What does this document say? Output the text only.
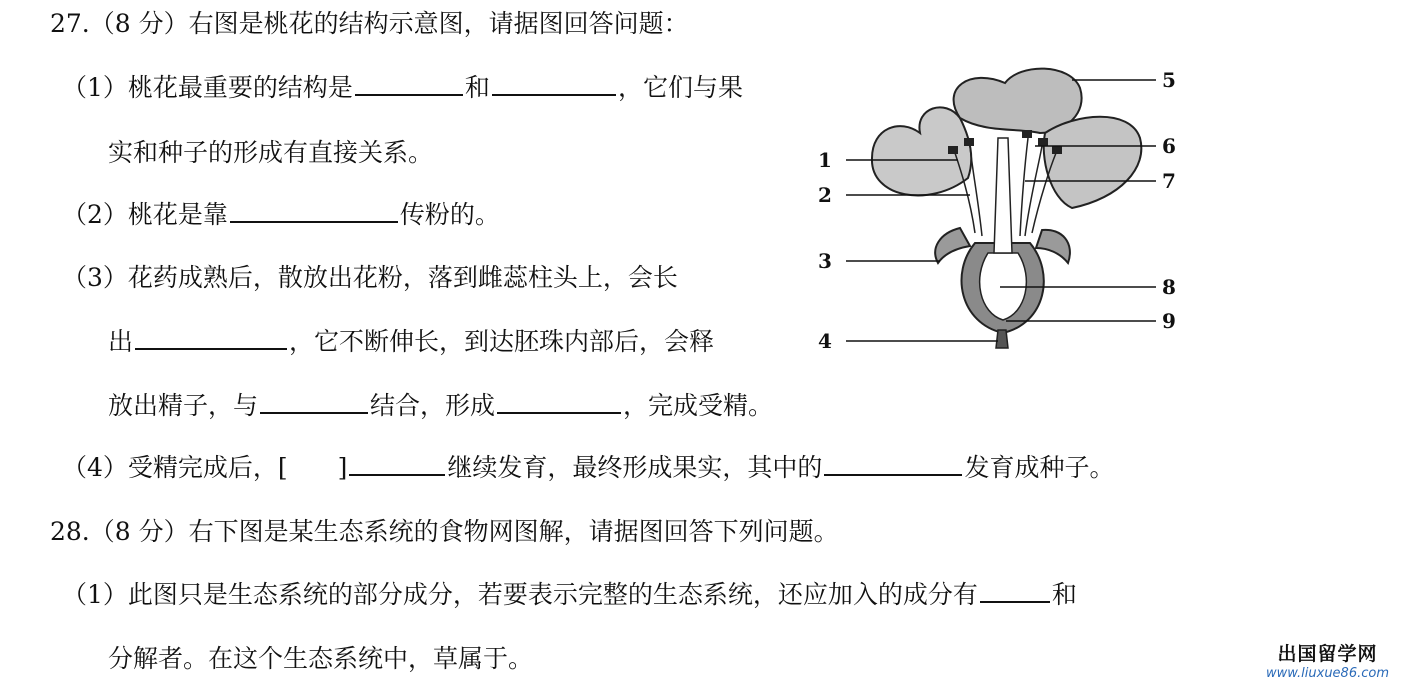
27.（8 分）右图是桃花的结构示意图，请据图回答问题：
（1）桃花最重要的结构是	和	，它们与果
实和种子的形成有直接关系。
（2）桃花是靠	传粉的。
（3）花药成熟后，散放出花粉，落到雌蕊柱头上，会长
出	，它不断伸长，到达胚珠内部后，会释
放出精子，与	结合，形成	，完成受精。
（4）受精完成后，[　　]	继续发育，最终形成果实，其中的	发育成种子。
28.（8 分）右下图是某生态系统的食物网图解，请据图回答下列问题。
（1）此图只是生态系统的部分成分，若要表示完整的生态系统，还应加入的成分有	和
分解者。在这个生态系统中，草属于。
1
2
3
4
5
6
7
8
9
出国留学网
www.liuxue86.com
